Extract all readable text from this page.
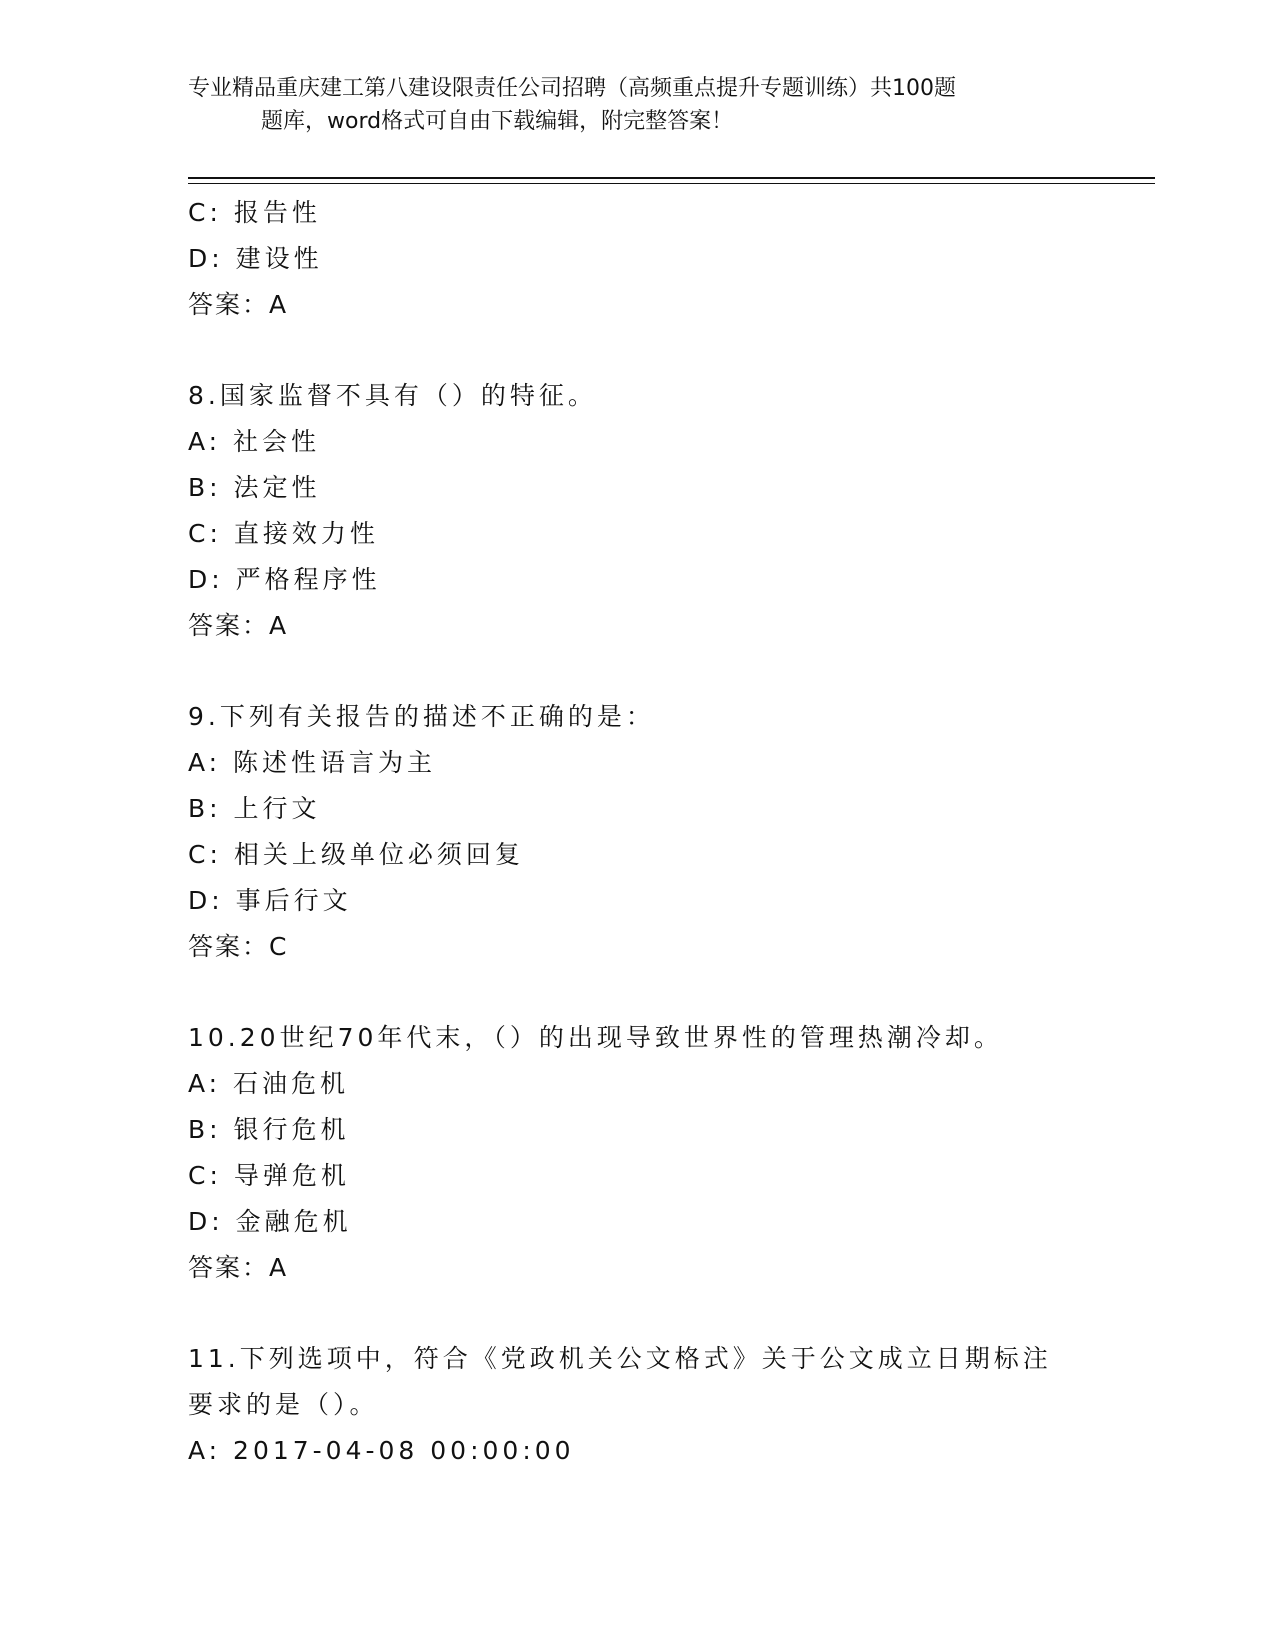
专业精品重庆建工第八建设限责任公司招聘（高频重点提升专题训练）共100题
题库，word格式可自由下载编辑，附完整答案！
C: 报告性
D: 建设性
答案：A
8.国家监督不具有（）的特征。
A: 社会性
B: 法定性
C: 直接效力性
D: 严格程序性
答案：A
9.下列有关报告的描述不正确的是：
A: 陈述性语言为主
B: 上行文
C: 相关上级单位必须回复
D: 事后行文
答案：C
10.20世纪70年代末，（）的出现导致世界性的管理热潮冷却。
A: 石油危机
B: 银行危机
C: 导弹危机
D: 金融危机
答案：A
11.下列选项中，符合《党政机关公文格式》关于公文成立日期标注要求的是（）。
A: 2017-04-08 00:00:00
